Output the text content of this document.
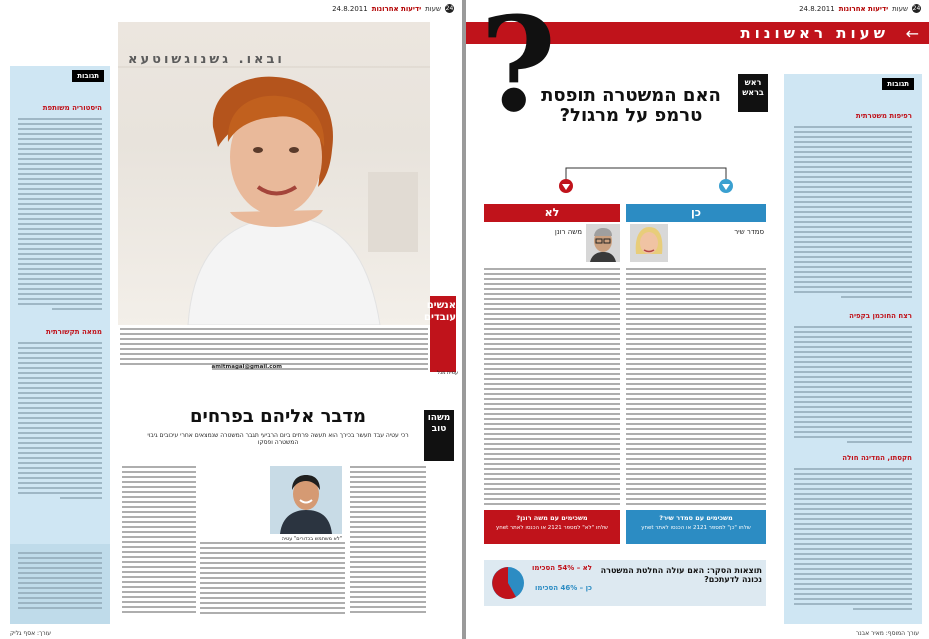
24
שעות
ידיעות אחרונות
24.8.2011
תגובות
היסטוריה משותפת
ממאה תקשורתית
ובאו. גשנוגשוטעא
אנשים עובדים
עמית מגל
amitmagal@gmail.com
משהו טוב
מדבר אליהם בפרחים
רכי עטיה עבד תעשר בכירך הוא תעשה פרחים ביום הרביעי תגבר המשטרה שנמצאים אחרי עיכובים גיבוי המשטרה ופסקו
"לא משתמש בכדורים" עטיה
עורך: אסף גליק
24
שעות
ידיעות אחרונות
24.8.2011
שעות ראשונות ←
?	ראש בראש
האם המשטרה תופסת טרמפ על מרגול?
לא	כן
משה רונן	סמדר שיר
משכימים עם משה רונן?
שלחו "לא" למספר 2121 או הכנסו לאתר ynet
משכימים עם סמדר שיר?
שלחו "כן" למספר 2121 או הכנסו לאתר ynet
לא – 54% הסכימו
כן – 46% הסכימו
תוצאות הסקר: האם עולה החלטת המשטרה נכונה לדעתכם?
תגובות
רפיפות משטרתית
רצח החוכמן בקפיה
חקסתו, המדינה חולה
עורך המוסף: מאיר אבנר
